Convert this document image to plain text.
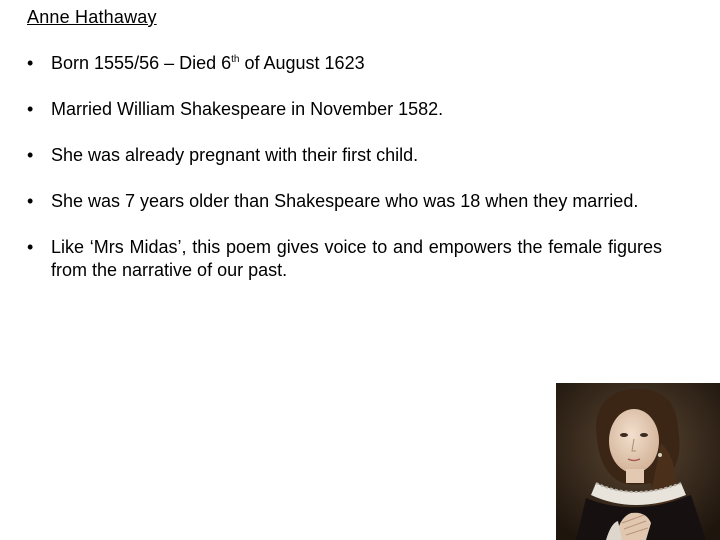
Anne Hathaway
• Born 1555/56 – Died 6th of August 1623
• Married William Shakespeare in November 1582.
• She was already pregnant with their first child.
• She was 7 years older than Shakespeare who was 18 when they married.
• Like ‘Mrs Midas’, this poem gives voice to and empowers the female figures from the narrative of our past.
